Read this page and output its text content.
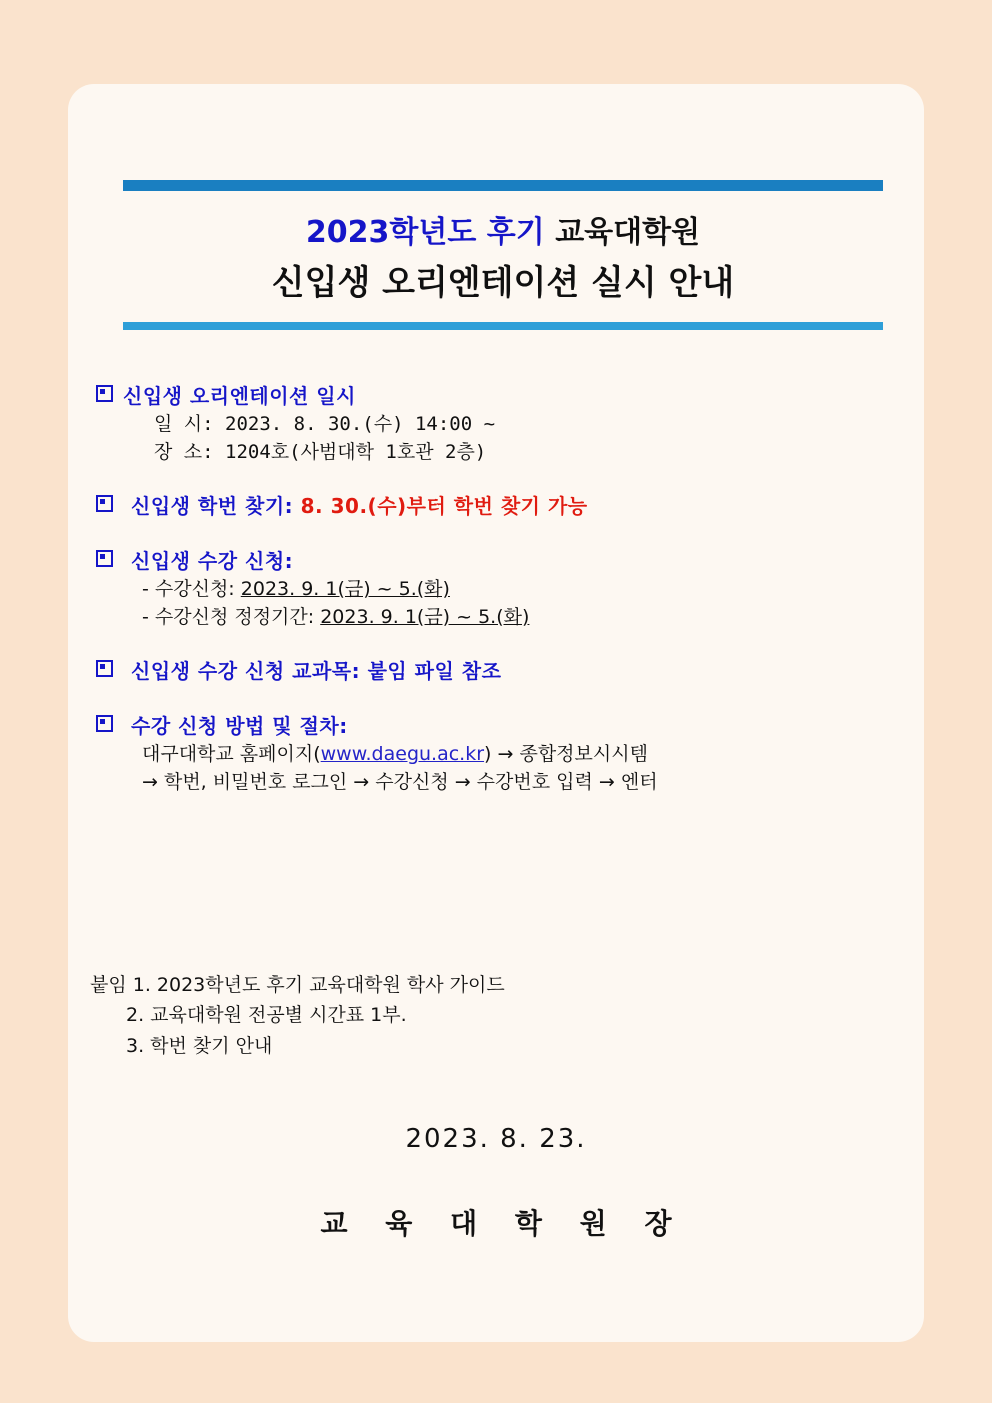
2023학년도 후기 교육대학원
신입생 오리엔테이션 실시 안내
신입생 오리엔테이션 일시
일 시: 2023. 8. 30.(수) 14:00 ~
장 소: 1204호(사범대학 1호관 2층)
신입생 학번 찾기: 8. 30.(수)부터 학번 찾기 가능
신입생 수강 신청:
- 수강신청: 2023. 9. 1(금) ~ 5.(화)
- 수강신청 정정기간: 2023. 9. 1(금) ~ 5.(화)
신입생 수강 신청 교과목: 붙임 파일 참조
수강 신청 방법 및 절차:
대구대학교 홈페이지(www.daegu.ac.kr) → 종합정보시시템
→ 학번, 비밀번호 로그인 → 수강신청 → 수강번호 입력 → 엔터
붙임 1. 2023학년도 후기 교육대학원 학사 가이드
2. 교육대학원 전공별 시간표 1부.
3. 학번 찾기 안내
2023. 8. 23.
교 육 대 학 원 장
